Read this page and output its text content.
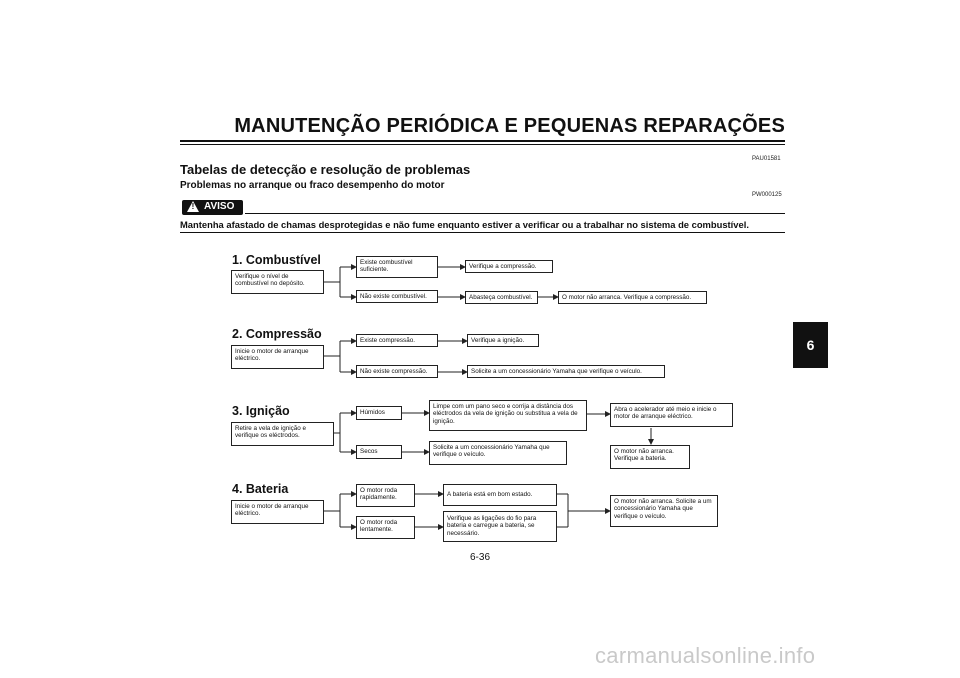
MANUTENÇÃO PERIÓDICA E PEQUENAS REPARAÇÕES
PAU01581
Tabelas de detecção e resolução de problemas
Problemas no arranque ou fraco desempenho do motor
PW000125
! AVISO
Mantenha afastado de chamas desprotegidas e não fume enquanto estiver a verificar ou a trabalhar no sistema de combustível.
1. Combustível
Verifique o nível de combustível no depósito.
Existe combustível suficiente.	Verifique a compressão.
Não existe combustível.	Abasteça combustível.	O motor não arranca. Verifique a compressão.
2. Compressão
Inicie o motor de arranque eléctrico.
Existe compressão.	Verifique a ignição.
Não existe compressão.	Solicite a um concessionário Yamaha que verifique o veículo.
3. Ignição
Retire a vela de ignição e verifique os eléctrodos.
Húmidos
Limpe com um pano seco e corrija a distância dos eléctrodos da vela de ignição ou substitua a vela de ignição.
Abra o acelerador até meio e inicie o motor de arranque eléctrico.
O motor não arranca. Verifique a bateria.
Secos
Solicite a um concessionário Yamaha que verifique o veículo.
4. Bateria
Inicie o motor de arranque eléctrico.
O motor roda rapidamente.	A bateria está em bom estado.
O motor roda lentamente.
Verifique as ligações do fio para bateria e carregue a bateria, se necessário.
O motor não arranca. Solicite a um concessionário Yamaha que verifique o veículo.
6
6-36
carmanualsonline.info
